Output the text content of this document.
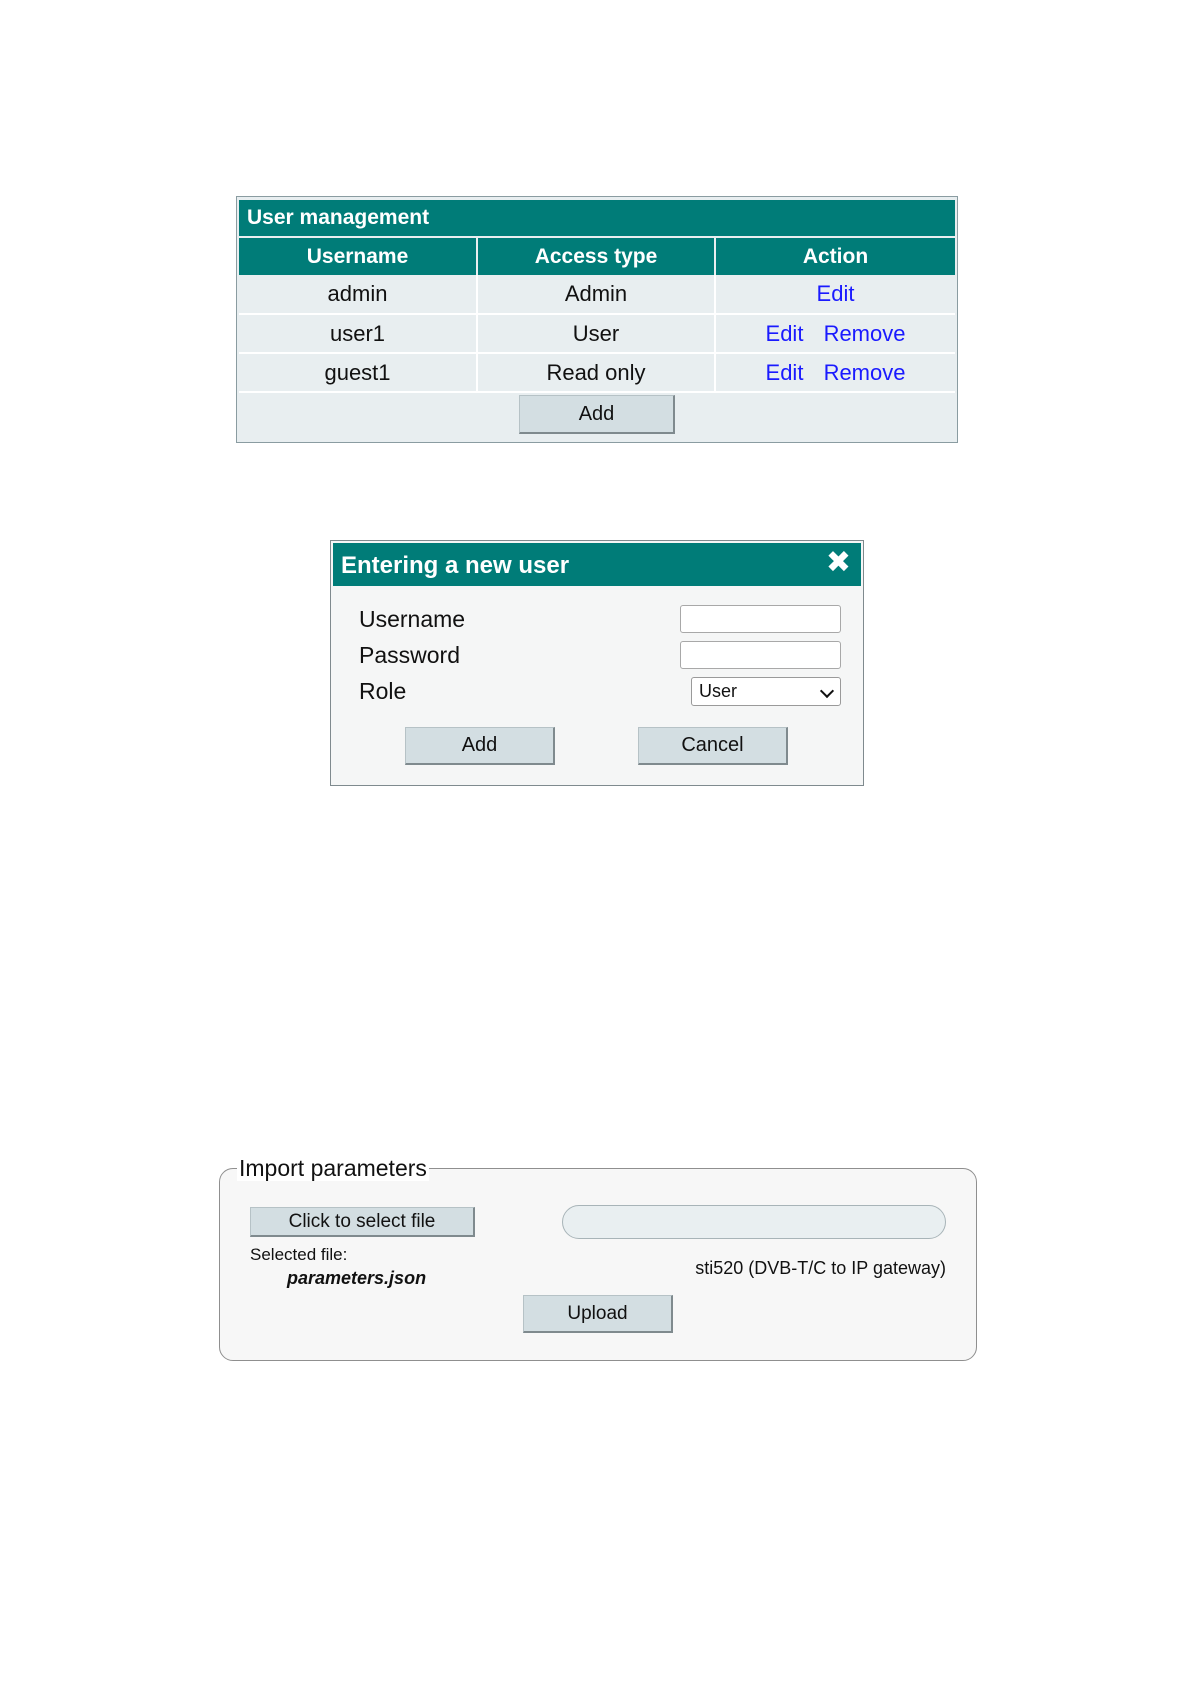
User management		
Username	Access type	Action
admin	Admin	Edit
user1	User	Edit Remove
guest1	Read only	Edit Remove
Add		
Entering a new user	✖
Username
Password
Role	User
Add	Cancel
Import parameters
Click to select file
Selected file:
parameters.json	sti520 (DVB-T/C to IP gateway)
Upload
